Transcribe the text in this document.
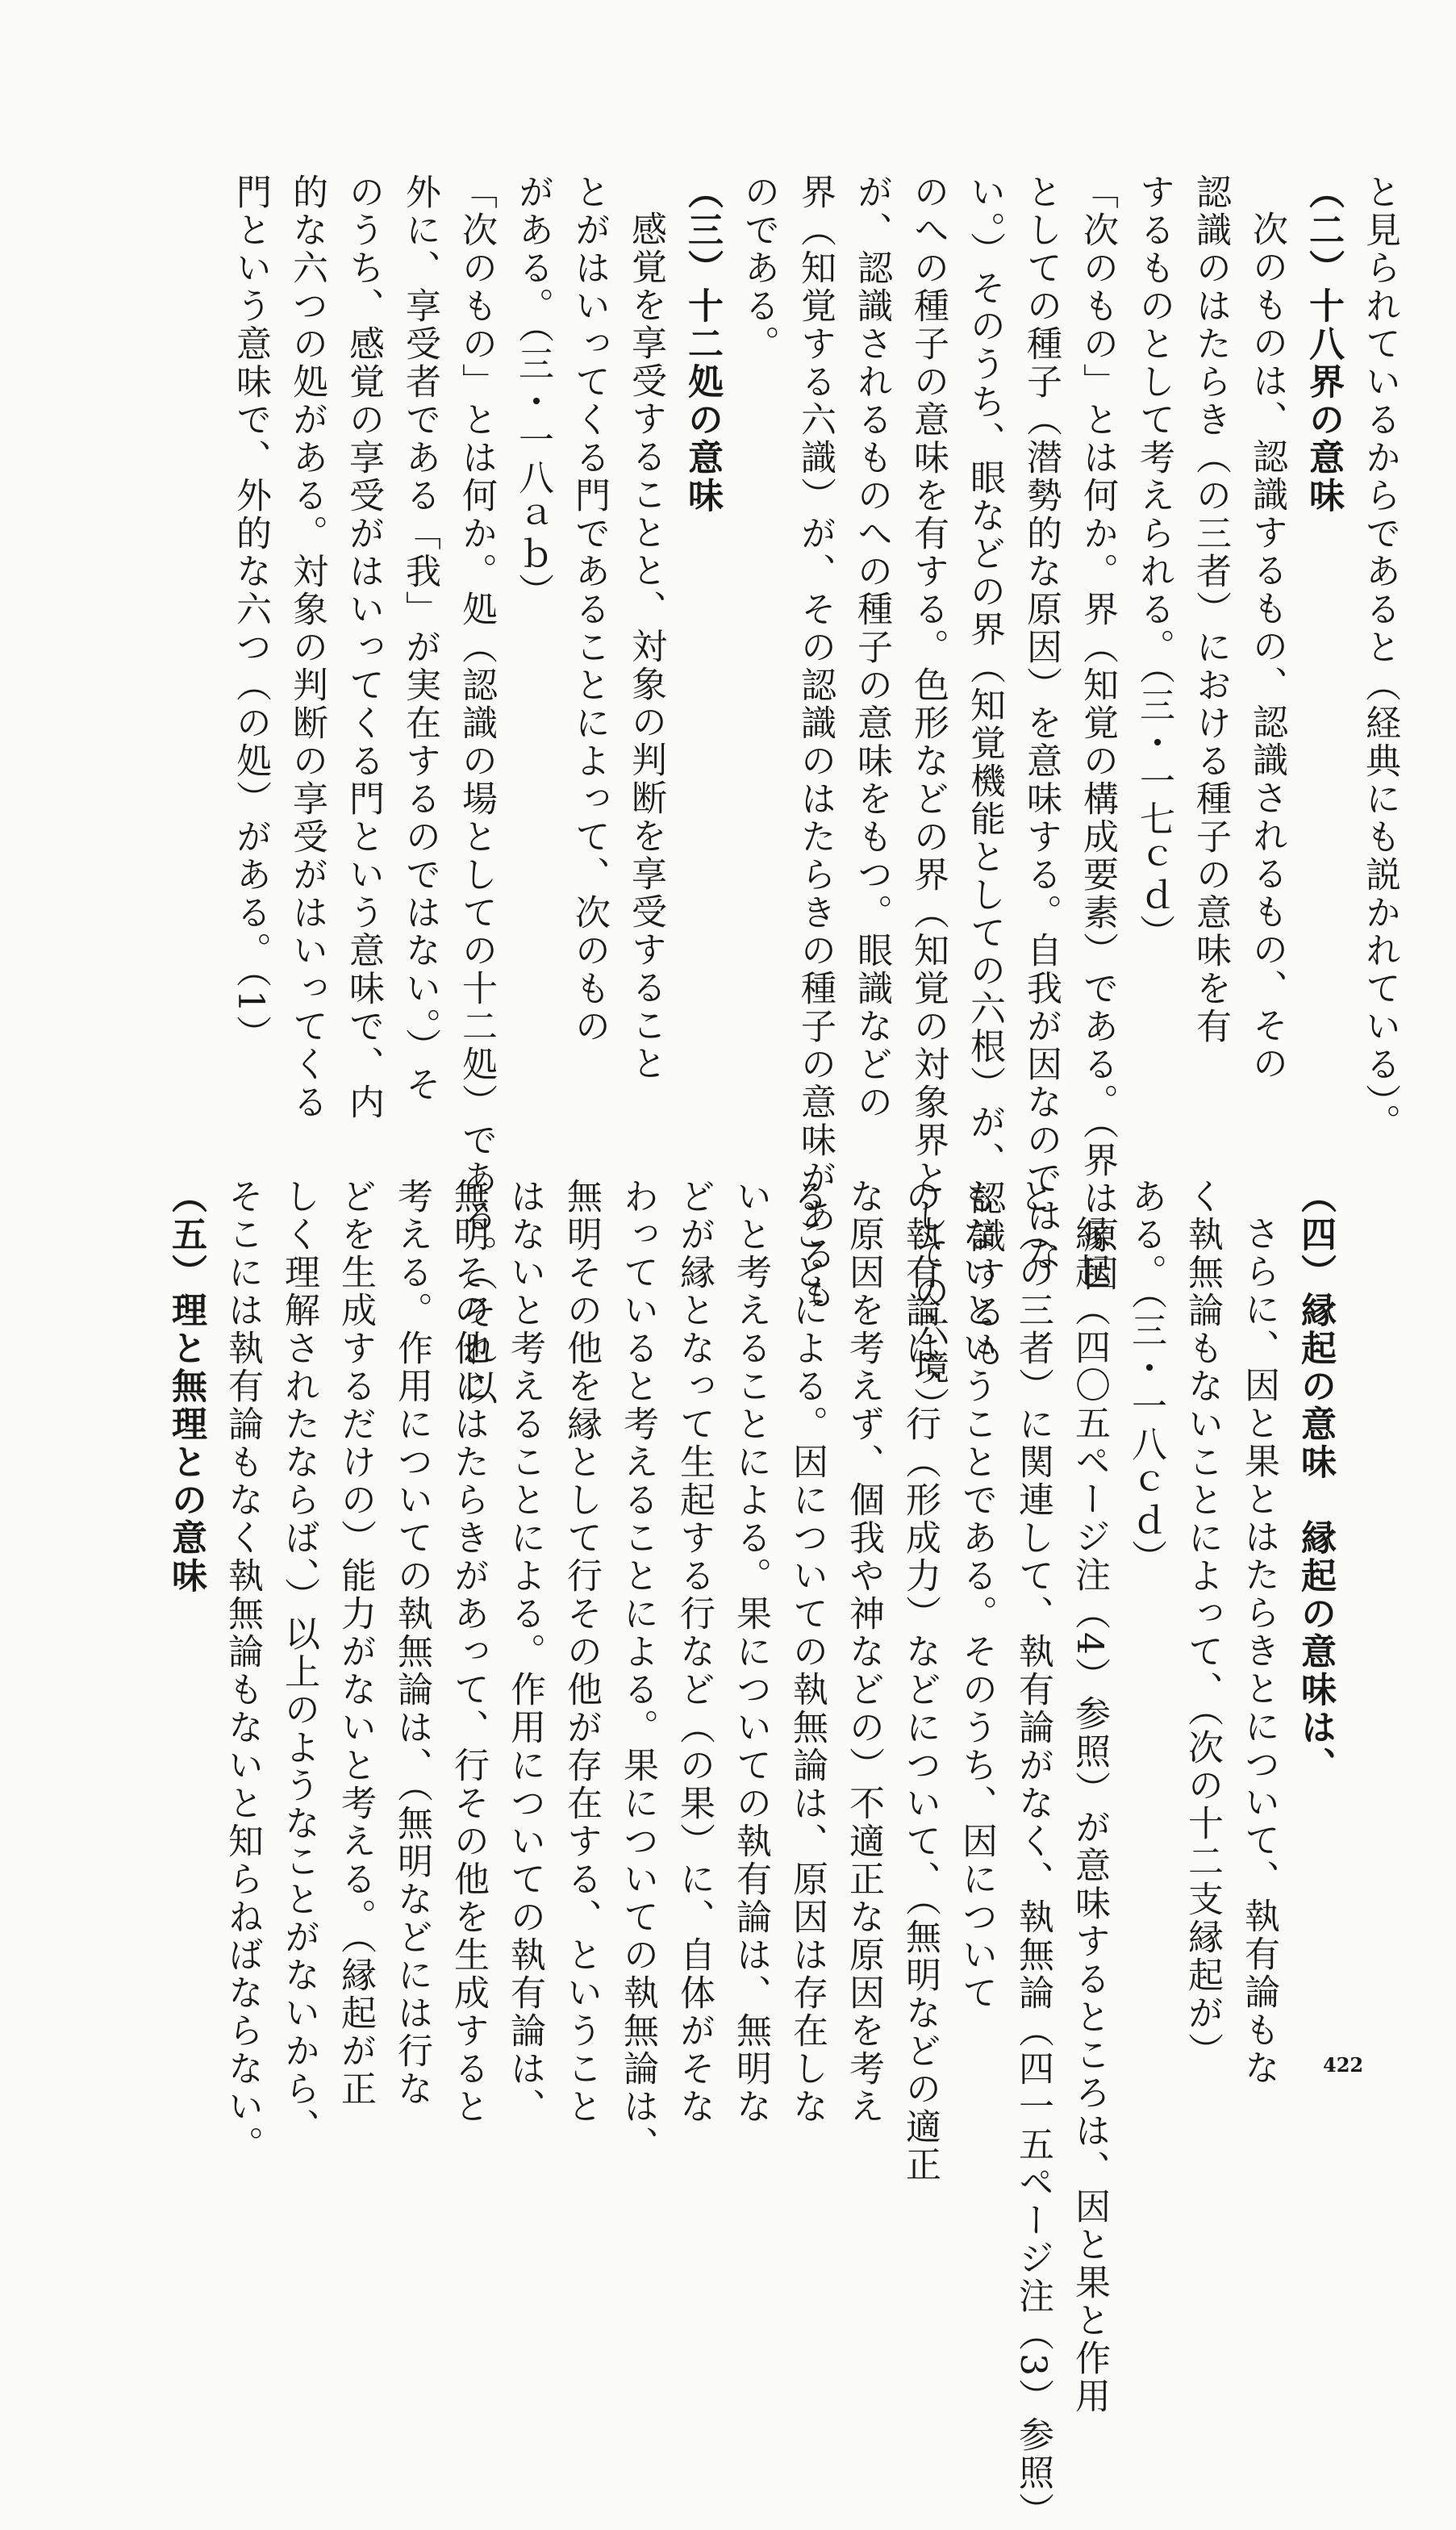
と見られているからであると（経典にも説かれている）。
（二）十八界の意味
次のものは、認識するもの、認識されるもの、その
認識のはたらき（の三者）における種子の意味を有
するものとして考えられる。（三・一七ｃｄ）
「次のもの」とは何か。界（知覚の構成要素）である。（界は原因
としての種子（潜勢的な原因）を意味する。自我が因なのではな
い。）そのうち、眼などの界（知覚機能としての六根）が、認識するも
のへの種子の意味を有する。色形などの界（知覚の対象界としての六境）
が、認識されるものへの種子の意味をもつ。眼識などの
界（知覚する六識）が、その認識のはたらきの種子の意味があるも
のである。
（三）十二処の意味
感覚を享受することと、対象の判断を享受すること
とがはいってくる門であることによって、次のもの
がある。（三・一八ａｂ）
「次のもの」とは何か。処（認識の場としての十二処）である。（それ以
外に、享受者である「我」が実在するのではない。）そ
のうち、感覚の享受がはいってくる門という意味で、内
的な六つの処がある。対象の判断の享受がはいってくる
門という意味で、外的な六つ（の処）がある。（1）
（四）縁起の意味　縁起の意味は、
さらに、因と果とはたらきとについて、執有論もな
く執無論もないことによって、（次の十二支縁起が）
ある。（三・一八ｃｄ）
縁起（四〇五ページ注（4）参照）が意味するところは、因と果と作用
と（の三者）に関連して、執有論がなく、執無論（四一五ページ注（3）参照）
もないということである。そのうち、因について
の執有論は、行（形成力）などについて、（無明などの適正
な原因を考えず、個我や神などの）不適正な原因を考え
ることによる。因についての執無論は、原因は存在しな
いと考えることによる。果についての執有論は、無明な
どが縁となって生起する行など（の果）に、自体がそな
わっていると考えることによる。果についての執無論は、
無明その他を縁として行その他が存在する、ということ
はないと考えることによる。作用についての執有論は、
無明その他にはたらきがあって、行その他を生成すると
考える。作用についての執無論は、（無明などには行な
どを生成するだけの）能力がないと考える。（縁起が正
しく理解されたならば、）以上のようなことがないから、
そこには執有論もなく執無論もないと知らねばならない。
（五）理と無理との意味
422
